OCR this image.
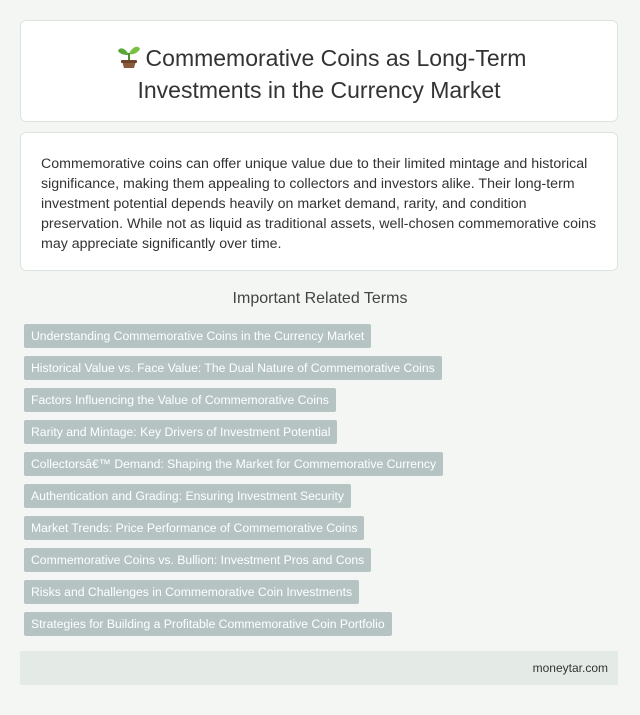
Commemorative Coins as Long-Term
Investments in the Currency Market

Commemorative coins can offer unique value due to their limited mintage and historical significance, making them appealing to collectors and investors alike. Their long-term investment potential depends heavily on market demand, rarity, and condition preservation. While not as liquid as traditional assets, well-chosen commemorative coins may appreciate significantly over time.

Important Related Terms
Understanding Commemorative Coins in the Currency Market
Historical Value vs. Face Value: The Dual Nature of Commemorative Coins
Factors Influencing the Value of Commemorative Coins
Rarity and Mintage: Key Drivers of Investment Potential
Collectorsâ€™ Demand: Shaping the Market for Commemorative Currency
Authentication and Grading: Ensuring Investment Security
Market Trends: Price Performance of Commemorative Coins
Commemorative Coins vs. Bullion: Investment Pros and Cons
Risks and Challenges in Commemorative Coin Investments
Strategies for Building a Profitable Commemorative Coin Portfolio
moneytar.com
